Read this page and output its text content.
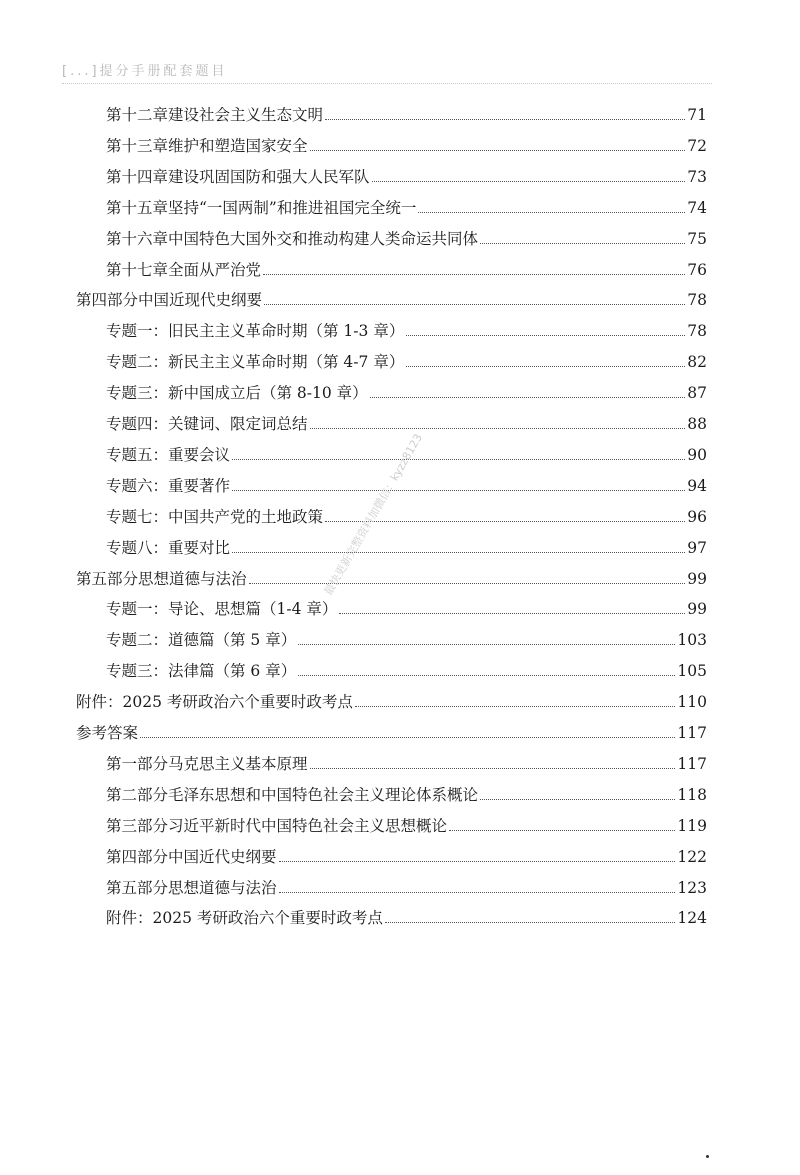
[...]提分手册配套题目
第十二章建设社会主义生态文明	71
第十三章维护和塑造国家安全	72
第十四章建设巩固国防和强大人民军队	73
第十五章坚持“一国两制”和推进祖国完全统一	74
第十六章中国特色大国外交和推动构建人类命运共同体	75
第十七章全面从严治党	76
第四部分中国近现代史纲要	78
专题一：旧民主主义革命时期（第 1-3 章）	78
专题二：新民主主义革命时期（第 4-7 章）	82
专题三：新中国成立后（第 8-10 章）	87
专题四：关键词、限定词总结	88
专题五：重要会议	90
专题六：重要著作	94
专题七：中国共产党的土地政策	96
专题八：重要对比	97
第五部分思想道德与法治	99
专题一：导论、思想篇（1-4 章）	99
专题二：道德篇（第 5 章）	103
专题三：法律篇（第 6 章）	105
附件：2025 考研政治六个重要时政考点	110
参考答案	117
第一部分马克思主义基本原理	117
第二部分毛泽东思想和中国特色社会主义理论体系概论	118
第三部分习近平新时代中国特色社会主义思想概论	119
第四部分中国近代史纲要	122
第五部分思想道德与法治	123
附件：2025 考研政治六个重要时政考点	124
最快更新完整资料加微信：kyzz8123
